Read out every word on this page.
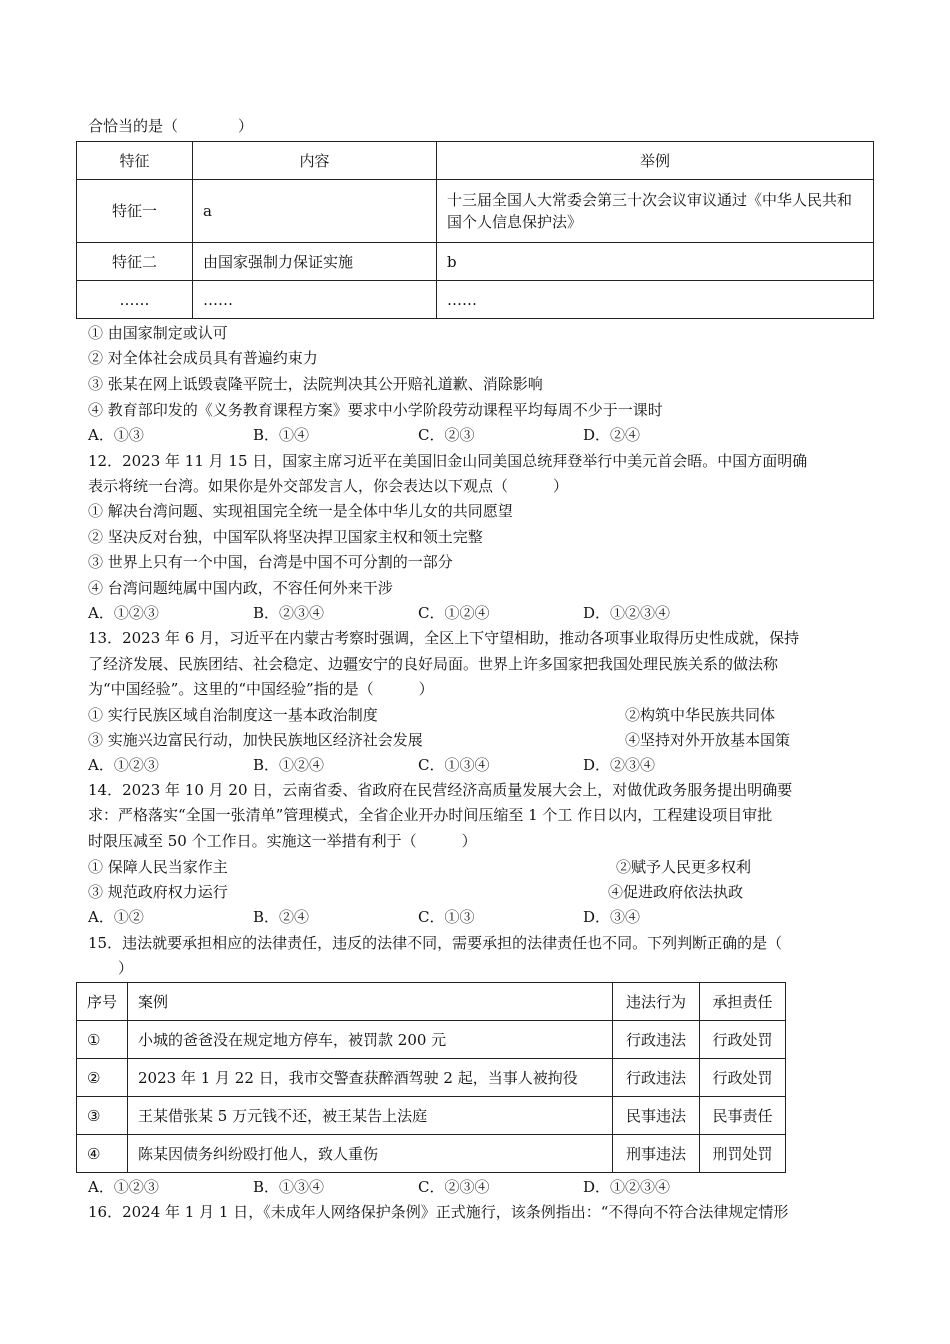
合恰当的是（　　　　）
特征	内容	举例
特征一	a	十三届全国人大常委会第三十次会议审议通过《中华人民共和国个人信息保护法》
特征二	由国家强制力保证实施	b
……	……	……
① 由国家制定或认可
② 对全体社会成员具有普遍约束力
③ 张某在网上诋毁袁隆平院士，法院判决其公开赔礼道歉、消除影响
④ 教育部印发的《义务教育课程方案》要求中小学阶段劳动课程平均每周不少于一课时
A．①③	B．①④	C．②③	D．②④
12．2023 年 11 月 15 日，国家主席习近平在美国旧金山同美国总统拜登举行中美元首会晤。中国方面明确
表示将统一台湾。如果你是外交部发言人，你会表达以下观点（　　　）
① 解决台湾问题、实现祖国完全统一是全体中华儿女的共同愿望
② 坚决反对台独，中国军队将坚决捍卫国家主权和领土完整
③ 世界上只有一个中国，台湾是中国不可分割的一部分
④ 台湾问题纯属中国内政，不容任何外来干涉
A．①②③	B．②③④	C．①②④	D．①②③④
13．2023 年 6 月，习近平在内蒙古考察时强调，全区上下守望相助，推动各项事业取得历史性成就，保持
了经济发展、民族团结、社会稳定、边疆安宁的良好局面。世界上许多国家把我国处理民族关系的做法称
为“中国经验”。这里的“中国经验”指的是（　　　）
① 实行民族区域自治制度这一基本政治制度	②构筑中华民族共同体
③ 实施兴边富民行动，加快民族地区经济社会发展	④坚持对外开放基本国策
A．①②③	B．①②④	C．①③④	D．②③④
14．2023 年 10 月 20 日，云南省委、省政府在民营经济高质量发展大会上，对做优政务服务提出明确要
求：严格落实“全国一张清单”管理模式，全省企业开办时间压缩至 1 个工 作日以内，工程建设项目审批
时限压减至 50 个工作日。实施这一举措有利于（　　　）
① 保障人民当家作主	②赋予人民更多权利
③ 规范政府权力运行	④促进政府依法执政
A．①②	B．②④	C．①③	D．③④
15．违法就要承担相应的法律责任，违反的法律不同，需要承担的法律责任也不同。下列判断正确的是（
）
序号	案例	违法行为	承担责任
①	小城的爸爸没在规定地方停车，被罚款 200 元	行政违法	行政处罚
②	2023 年 1 月 22 日，我市交警查获醉酒驾驶 2 起，当事人被拘役	行政违法	行政处罚
③	王某借张某 5 万元钱不还，被王某告上法庭	民事违法	民事责任
④	陈某因债务纠纷殴打他人，致人重伤	刑事违法	刑罚处罚
A．①②③	B．①③④	C．②③④	D．①②③④
16．2024 年 1 月 1 日，《未成年人网络保护条例》正式施行，该条例指出：“不得向不符合法律规定情形
